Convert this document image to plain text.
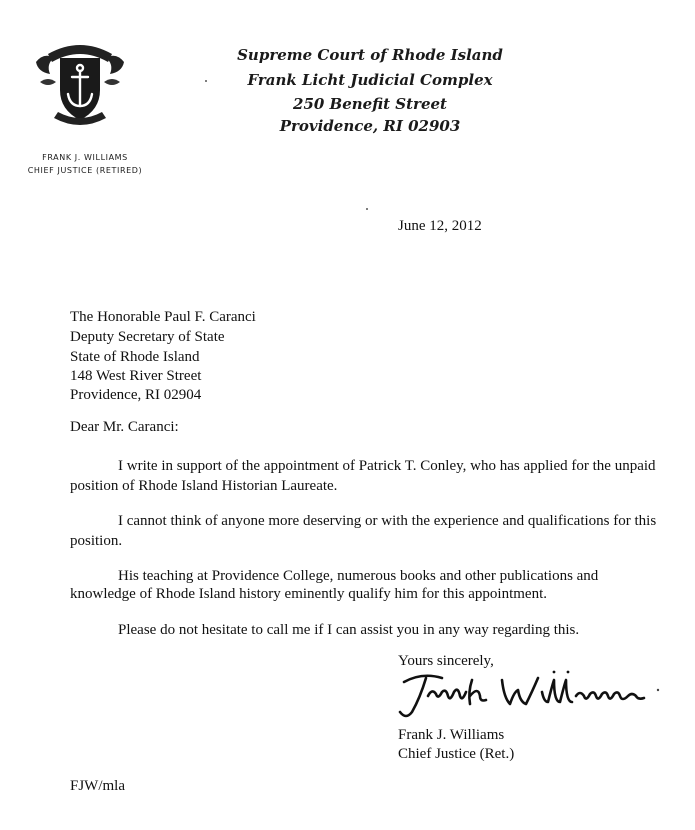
Supreme Court of Rhode Island
Frank Licht Judicial Complex
250 Benefit Street
Providence, RI 02903
FRANK J. WILLIAMS
CHIEF JUSTICE (RETIRED)
June 12, 2012
The Honorable Paul F. Caranci
Deputy Secretary of State
State of Rhode Island
148 West River Street
Providence, RI 02904
Dear Mr. Caranci:
I write in support of the appointment of Patrick T. Conley, who has applied for the unpaid
position of Rhode Island Historian Laureate.
I cannot think of anyone more deserving or with the experience and qualifications for this
position.
His teaching at Providence College, numerous books and other publications and
knowledge of Rhode Island history eminently qualify him for this appointment.
Please do not hesitate to call me if I can assist you in any way regarding this.
Yours sincerely,
Frank J. Williams
Chief Justice (Ret.)
FJW/mla
